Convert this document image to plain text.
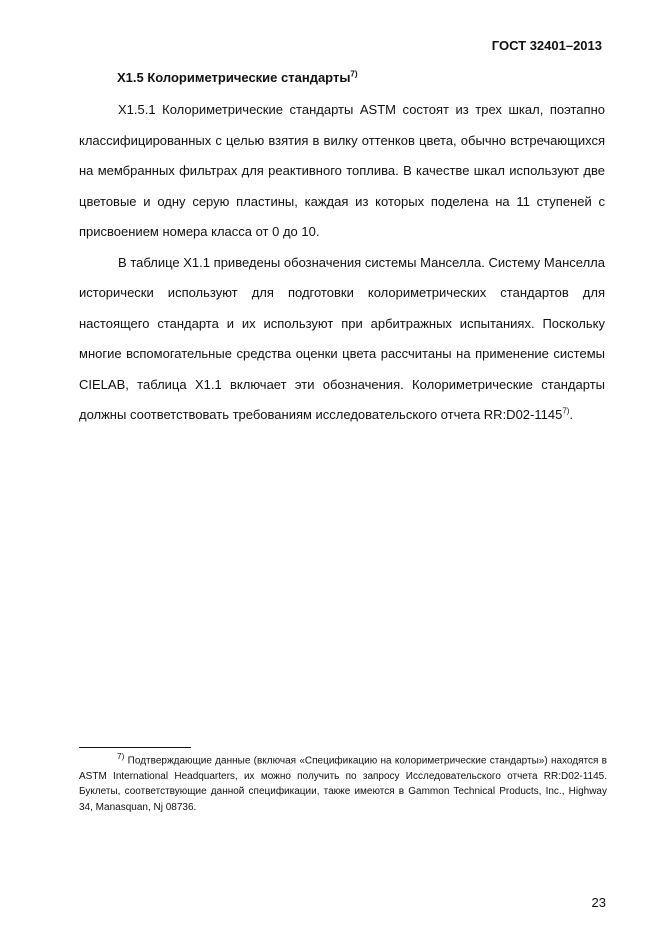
ГОСТ 32401–2013
X1.5 Колориметрические стандарты$^{7)}$

X1.5.1 Колориметрические стандарты ASTM состоят из трех шкал, поэтапно классифицированных с целью взятия в вилку оттенков цвета, обычно встречающихся на мембранных фильтрах для реактивного топлива. В качестве шкал используют две цветовые и одну серую пластины, каждая из которых поделена на 11 ступеней с присвоением номера класса от 0 до 10.

В таблице X1.1 приведены обозначения системы Манселла. Систему Манселла исторически используют для подготовки колориметрических стандартов для настоящего стандарта и их используют при арбитражных испытаниях. Поскольку многие вспомогательные средства оценки цвета рассчитаны на применение системы CIELAB, таблица X1.1 включает эти обозначения. Колориметрические стандарты должны соответствовать требованиям исследовательского отчета RR:D02-1145$^{7)}$.

$^{7)}$ Подтверждающие данные (включая «Спецификацию на колориметрические стандарты») находятся в ASTM International Headquarters, их можно получить по запросу Исследовательского отчета RR:D02-1145. Буклеты, соответствующие данной спецификации, также имеются в Gammon Technical Products, Inc., Highway 34, Manasquan, Nj 08736.

23
